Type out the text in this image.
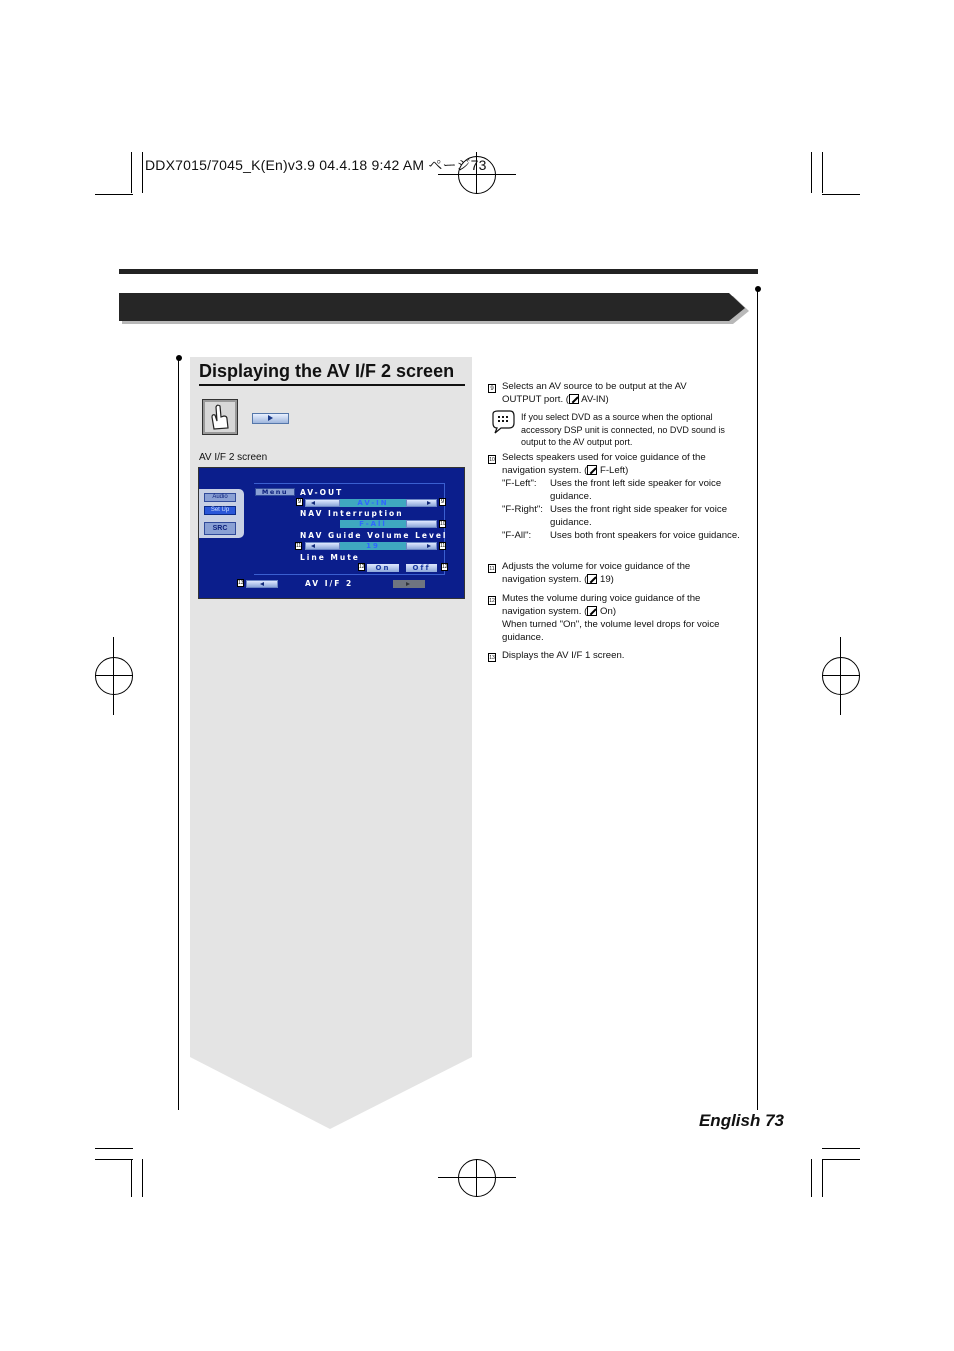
DDX7015/7045_K(En)v3.9 04.4.18 9:42 AM ページ73
Displaying the AV I/F 2 screen
AV I/F 2 screen
Audio
Set Up
SRC
Menu	AV-OUT
9	AV-IN	9
NAV Interruption
F-All	10
NAV Guide Volume Level
11	19	11
Line Mute
12	On	Off	12
13	AV I/F 2
9 Selects an AV source to be output at the AV OUTPUT port. ( AV-IN)
If you select DVD as a source when the optional accessory DSP unit is connected, no DVD sound is output to the AV output port.
10 Selects speakers used for voice guidance of the navigation system. ( F-Left)
"F-Left": Uses the front left side speaker for voice guidance.
"F-Right": Uses the front right side speaker for voice guidance.
"F-All": Uses both front speakers for voice guidance.
11 Adjusts the volume for voice guidance of the navigation system. ( 19)
12 Mutes the volume during voice guidance of the navigation system. ( On)
When turned "On", the volume level drops for voice guidance.
13 Displays the AV I/F 1 screen.
English 73
